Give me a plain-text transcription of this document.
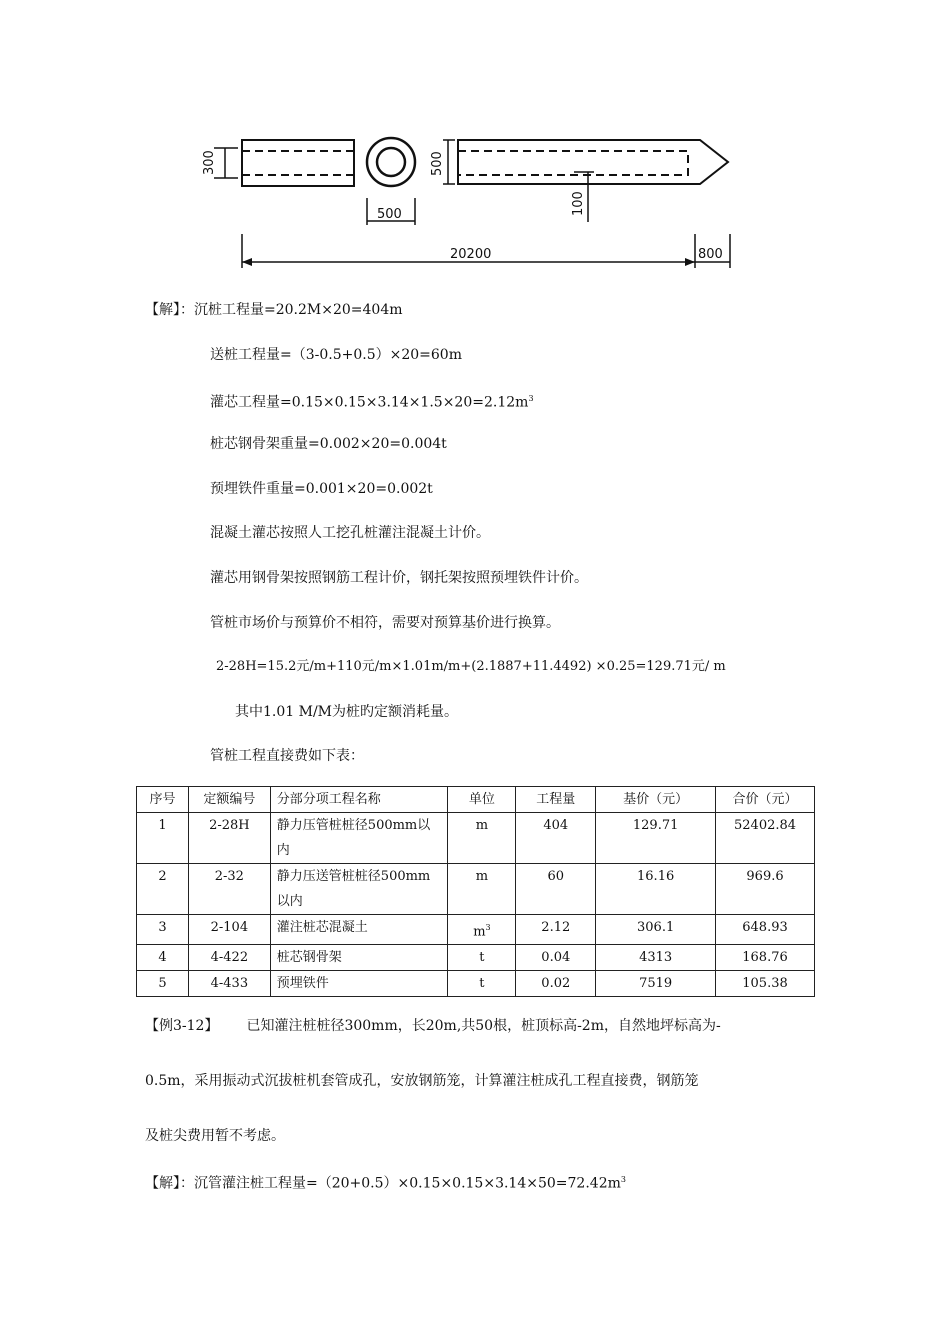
300
500
500
100
20200	800
【解】：沉桩工程量=20.2M×20=404m
送桩工程量=（3-0.5+0.5）×20=60m
灌芯工程量$=0.15\times 0.15\times 3.14\times 1.5\times 20=2.12m^3$
桩芯钢骨架重量=0.002×20=0.004t
预埋铁件重量=0.001×20=0.002t
混凝土灌芯按照人工挖孔桩灌注混凝土计价。
灌芯用钢骨架按照钢筋工程计价，钢托架按照预埋铁件计价。
管桩市场价与预算价不相符，需要对预算基价进行换算。
2-28H=15.2元/m+110元/m×1.01m/m+(2.1887+11.4492) ×0.25=129.71元/ m
其中1.01 M/M为桩旳定额消耗量。
管桩工程直接费如下表：
序号	定额编号	分部分项工程名称	单位	工程量	基价（元）	合价（元）
1	2-28H	静力压管桩桩径500mm以
内	m	404	129.71	52402.84
2	2-32	静力压送管桩桩径500mm
以内	m	60	16.16	969.6
3	2-104	灌注桩芯混凝土	$m^3$	2.12	306.1	648.93
4	4-422	桩芯钢骨架	t	0.04	4313	168.76
5	4-433	预埋铁件	t	0.02	7519	105.38
【例3-12】 已知灌注桩桩径300mm，长20m,共50根，桩顶标高-2m，自然地坪标高为-
0.5m，采用振动式沉拔桩机套管成孔，安放钢筋笼，计算灌注桩成孔工程直接费，钢筋笼
及桩尖费用暂不考虑。
【解】：沉管灌注桩工程量$=(20+0.5)\times 0.15\times 0.15\times 3.14\times 50=72.42m^3$
